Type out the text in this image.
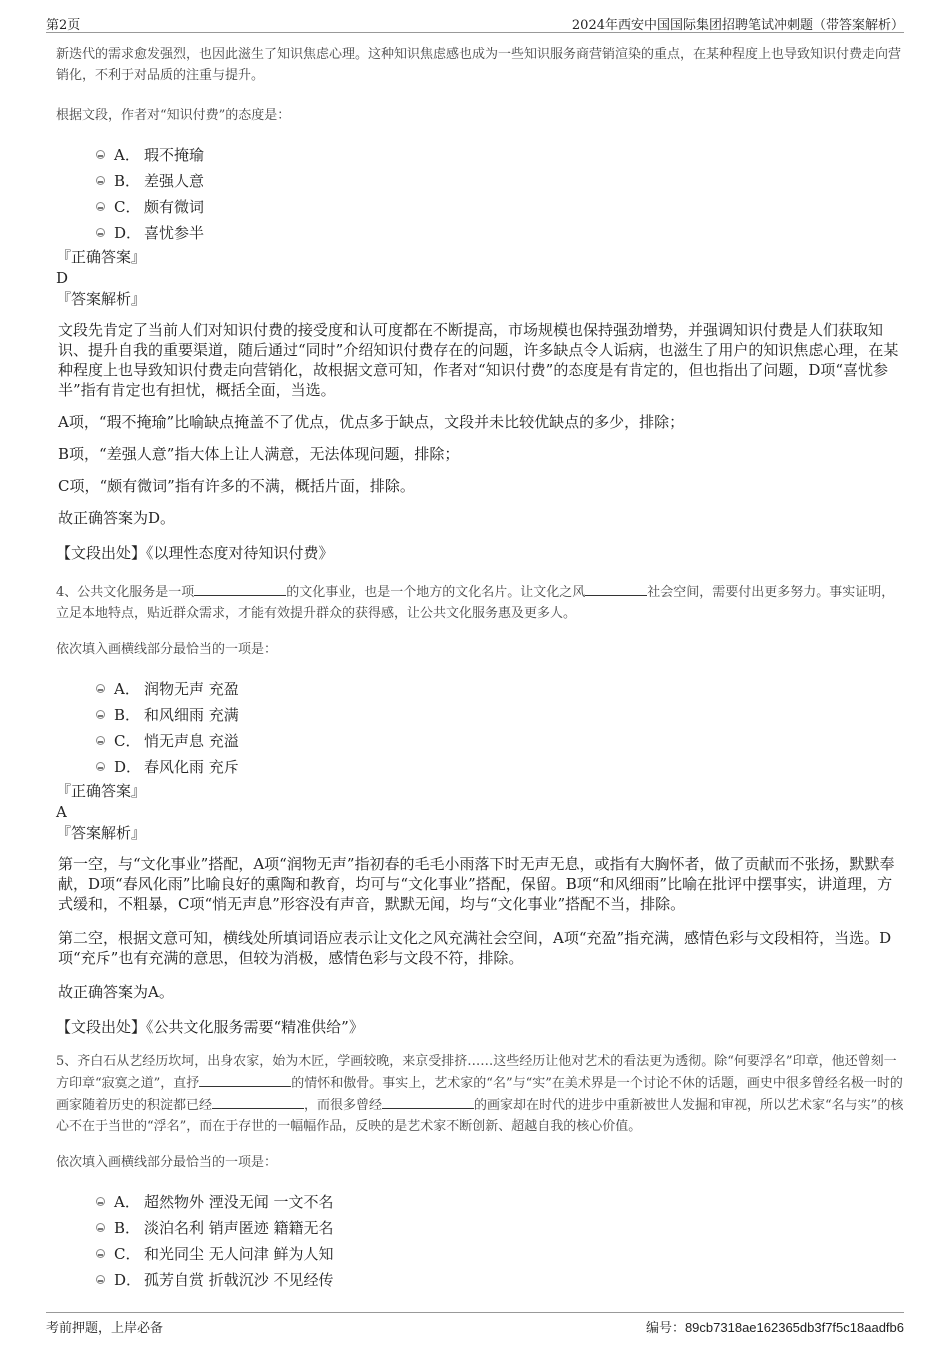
第2页	2024年西安中国国际集团招聘笔试冲刺题（带答案解析）

新迭代的需求愈发强烈，也因此滋生了知识焦虑心理。这种知识焦虑感也成为一些知识服务商营销渲染的重点，在某种程度上也导致知识付费走向营销化，不利于对品质的注重与提升。

根据文段，作者对“知识付费”的态度是：

A． 瑕不掩瑜
B． 差强人意
C． 颇有微词
D． 喜忧参半

『正确答案』

D

『答案解析』

文段先肯定了当前人们对知识付费的接受度和认可度都在不断提高，市场规模也保持强劲增势，并强调知识付费是人们获取知识、提升自我的重要渠道，随后通过“同时”介绍知识付费存在的问题，许多缺点令人诟病，也滋生了用户的知识焦虑心理，在某种程度上也导致知识付费走向营销化，故根据文意可知，作者对“知识付费”的态度是有肯定的，但也指出了问题，D项“喜忧参半”指有肯定也有担忧，概括全面，当选。

A项，“瑕不掩瑜”比喻缺点掩盖不了优点，优点多于缺点，文段并未比较优缺点的多少，排除；

B项，“差强人意”指大体上让人满意，无法体现问题，排除；

C项，“颇有微词”指有许多的不满，概括片面，排除。

故正确答案为D。

【文段出处】《以理性态度对待知识付费》

4、公共文化服务是一项	的文化事业，也是一个地方的文化名片。让文化之风	社会空间，需要付出更多努力。事实证明，立足本地特点，贴近群众需求，才能有效提升群众的获得感，让公共文化服务惠及更多人。

依次填入画横线部分最恰当的一项是：

A． 润物无声 充盈
B． 和风细雨 充满
C． 悄无声息 充溢
D． 春风化雨 充斥

『正确答案』

A

『答案解析』

第一空，与“文化事业”搭配，A项“润物无声”指初春的毛毛小雨落下时无声无息，或指有大胸怀者，做了贡献而不张扬，默默奉献，D项“春风化雨”比喻良好的熏陶和教育，均可与“文化事业”搭配，保留。B项“和风细雨”比喻在批评中摆事实，讲道理，方式缓和，不粗暴，C项“悄无声息”形容没有声音，默默无闻，均与“文化事业”搭配不当，排除。

第二空，根据文意可知，横线处所填词语应表示让文化之风充满社会空间，A项“充盈”指充满，感情色彩与文段相符，当选。D项“充斥”也有充满的意思，但较为消极，感情色彩与文段不符，排除。

故正确答案为A。

【文段出处】《公共文化服务需要“精准供给”》

5、齐白石从艺经历坎坷，出身农家，始为木匠，学画较晚，来京受排挤……这些经历让他对艺术的看法更为透彻。除“何要浮名”印章，他还曾刻一方印章“寂寞之道”，直抒	的情怀和傲骨。事实上，艺术家的“名”与“实”在美术界是一个讨论不休的话题，画史中很多曾经名极一时的画家随着历史的积淀都已经	，而很多曾经	的画家却在时代的进步中重新被世人发掘和审视，所以艺术家“名与实”的核心不在于当世的“浮名”，而在于存世的一幅幅作品，反映的是艺术家不断创新、超越自我的核心价值。

依次填入画横线部分最恰当的一项是：

A． 超然物外 湮没无闻 一文不名
B． 淡泊名利 销声匿迹 籍籍无名
C． 和光同尘 无人问津 鲜为人知
D． 孤芳自赏 折戟沉沙 不见经传
考前押题，上岸必备	编号：89cb7318ae162365db3f7f5c18aadfb6
